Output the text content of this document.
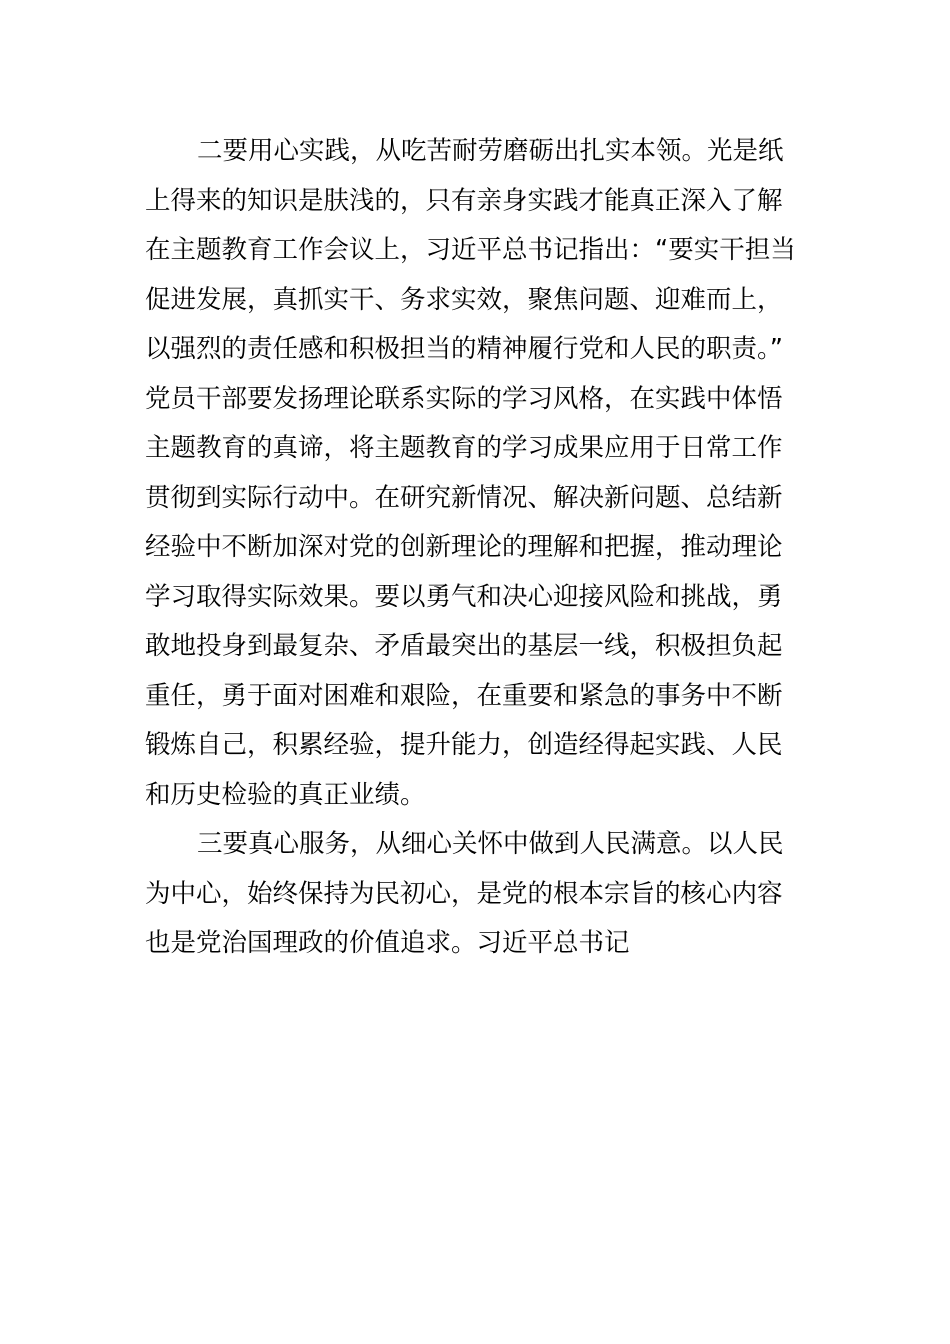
二要用心实践，从吃苦耐劳磨砺出扎实本领。光是纸
上得来的知识是肤浅的，只有亲身实践才能真正深入了解
在主题教育工作会议上，习近平总书记指出：“要实干担当
促进发展，真抓实干、务求实效，聚焦问题、迎难而上，
以强烈的责任感和积极担当的精神履行党和人民的职责。”
党员干部要发扬理论联系实际的学习风格，在实践中体悟
主题教育的真谛，将主题教育的学习成果应用于日常工作
贯彻到实际行动中。在研究新情况、解决新问题、总结新
经验中不断加深对党的创新理论的理解和把握，推动理论
学习取得实际效果。要以勇气和决心迎接风险和挑战，勇
敢地投身到最复杂、矛盾最突出的基层一线，积极担负起
重任，勇于面对困难和艰险，在重要和紧急的事务中不断
锻炼自己，积累经验，提升能力，创造经得起实践、人民
和历史检验的真正业绩。
三要真心服务，从细心关怀中做到人民满意。以人民
为中心，始终保持为民初心，是党的根本宗旨的核心内容
也是党治国理政的价值追求。习近平总书记
